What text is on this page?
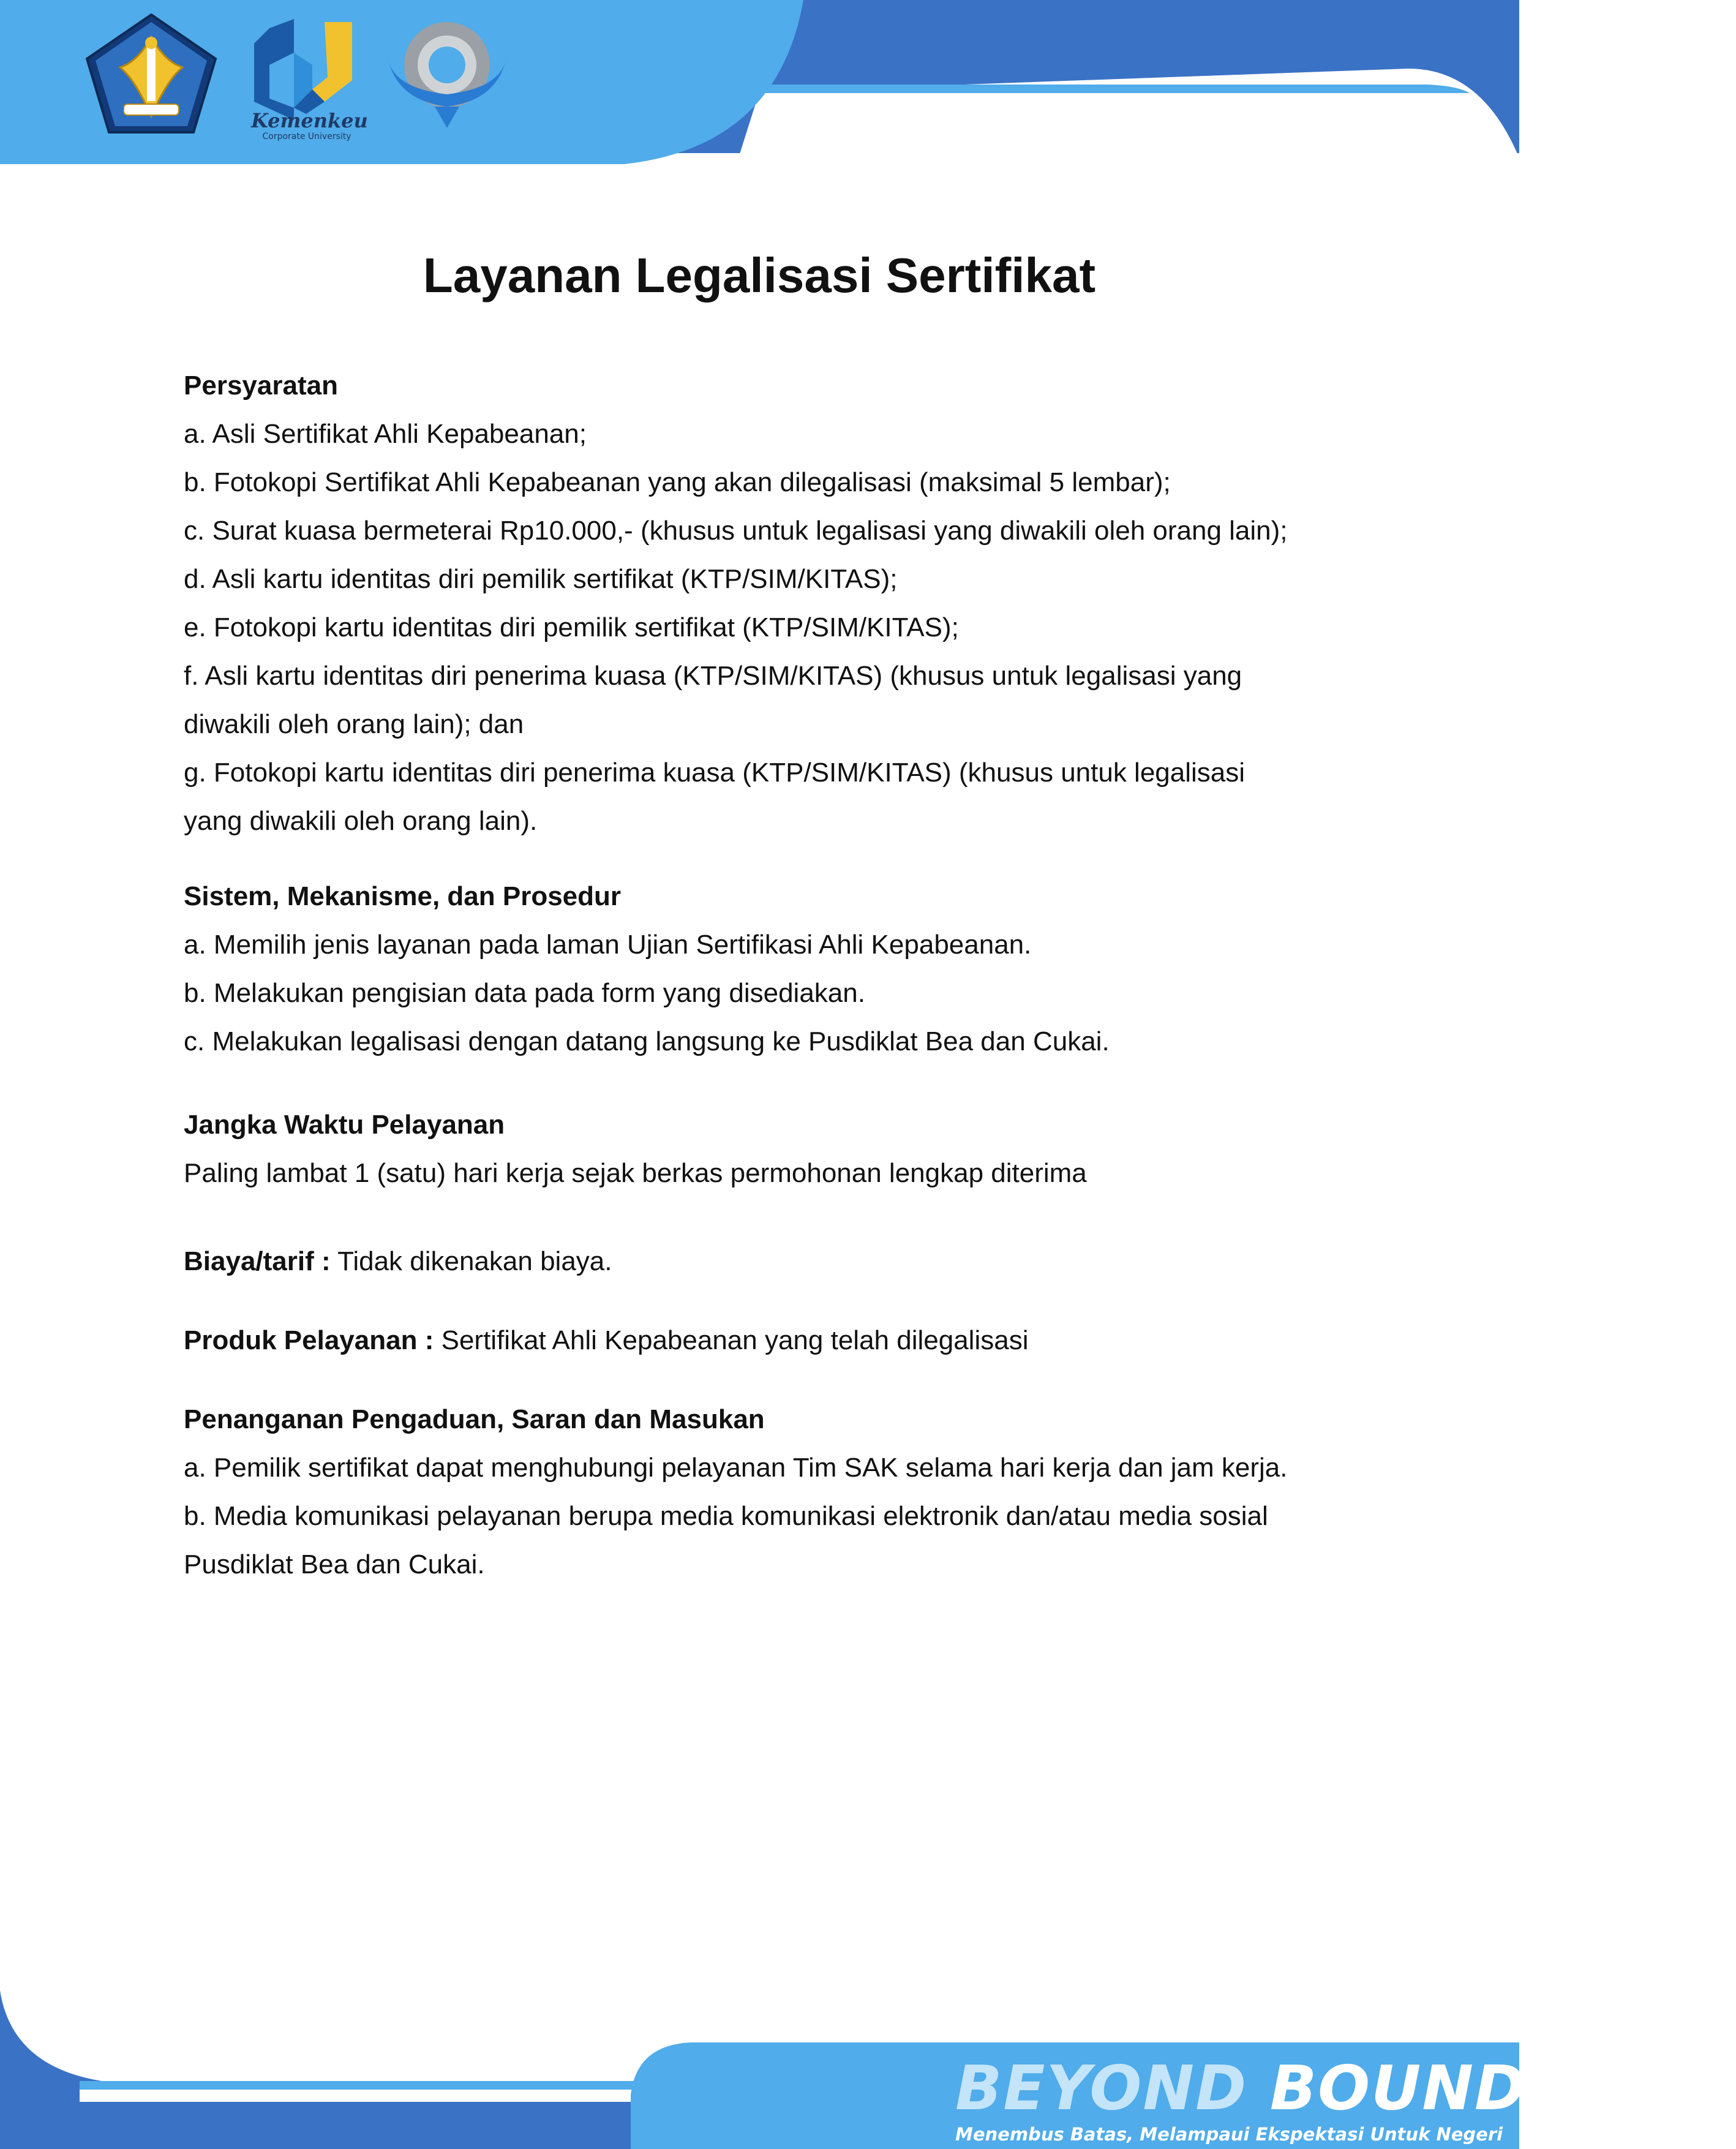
Kemenkeu
Corporate University
Layanan Legalisasi Sertifikat
Persyaratan

a. Asli Sertifikat Ahli Kepabeanan;

b. Fotokopi Sertifikat Ahli Kepabeanan yang akan dilegalisasi (maksimal 5 lembar);

c. Surat kuasa bermeterai Rp10.000,- (khusus untuk legalisasi yang diwakili oleh orang lain);

d. Asli kartu identitas diri pemilik sertifikat (KTP/SIM/KITAS);

e. Fotokopi kartu identitas diri pemilik sertifikat (KTP/SIM/KITAS);

f. Asli kartu identitas diri penerima kuasa (KTP/SIM/KITAS) (khusus untuk legalisasi yang

diwakili oleh orang lain); dan

g. Fotokopi kartu identitas diri penerima kuasa (KTP/SIM/KITAS) (khusus untuk legalisasi

yang diwakili oleh orang lain).

Sistem, Mekanisme, dan Prosedur

a. Memilih jenis layanan pada laman Ujian Sertifikasi Ahli Kepabeanan.

b. Melakukan pengisian data pada form yang disediakan.

c. Melakukan legalisasi dengan datang langsung ke Pusdiklat Bea dan Cukai.

Jangka Waktu Pelayanan

Paling lambat 1 (satu) hari kerja sejak berkas permohonan lengkap diterima

Biaya/tarif : Tidak dikenakan biaya.

Produk Pelayanan : Sertifikat Ahli Kepabeanan yang telah dilegalisasi

Penanganan Pengaduan, Saran dan Masukan

a. Pemilik sertifikat dapat menghubungi pelayanan Tim SAK selama hari kerja dan jam kerja.

b. Media komunikasi pelayanan berupa media komunikasi elektronik dan/atau media sosial

Pusdiklat Bea dan Cukai.

BEYOND BOUNDARIES
Menembus Batas, Melampaui Ekspektasi Untuk Negeri
